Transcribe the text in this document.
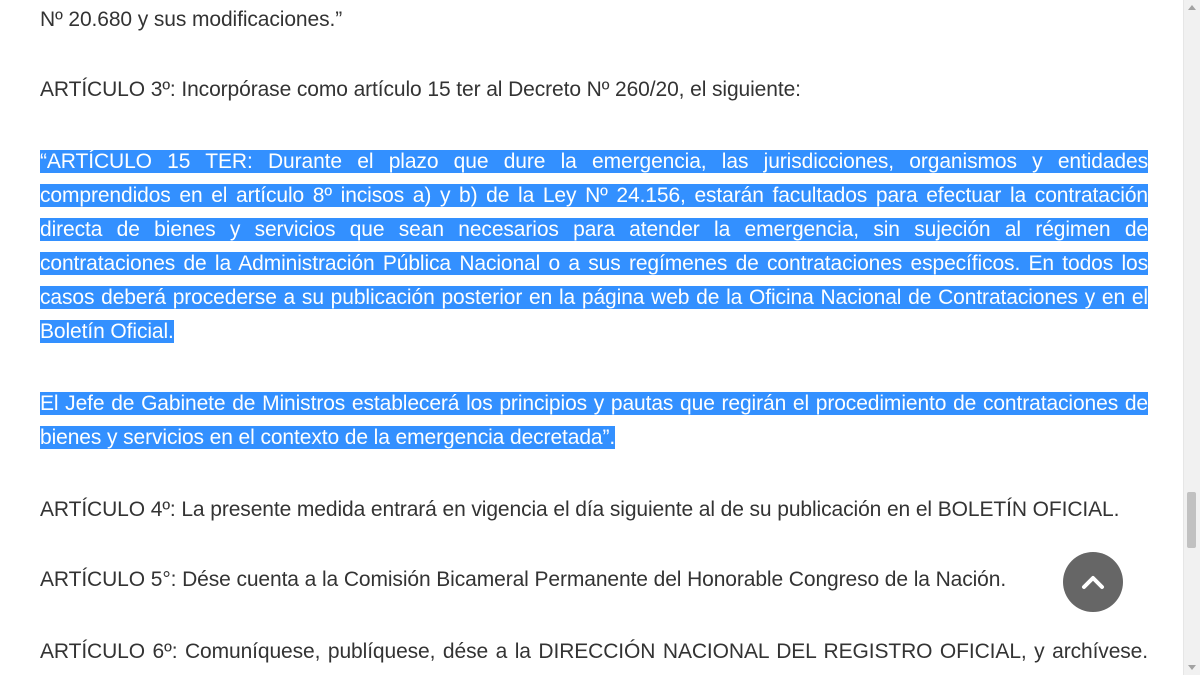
Nº 20.680 y sus modificaciones.”

ARTÍCULO 3º: Incorpórase como artículo 15 ter al Decreto Nº 260/20, el siguiente:

“ARTÍCULO 15 TER: Durante el plazo que dure la emergencia, las jurisdicciones, organismos y entidades comprendidos en el artículo 8º incisos a) y b) de la Ley Nº 24.156, estarán facultados para efectuar la contratación directa de bienes y servicios que sean necesarios para atender la emergencia, sin sujeción al régimen de contrataciones de la Administración Pública Nacional o a sus regímenes de contrataciones específicos. En todos los casos deberá procederse a su publicación posterior en la página web de la Oficina Nacional de Contrataciones y en el Boletín Oficial.

El Jefe de Gabinete de Ministros establecerá los principios y pautas que regirán el procedimiento de contrataciones de bienes y servicios en el contexto de la emergencia decretada”.

ARTÍCULO 4º: La presente medida entrará en vigencia el día siguiente al de su publicación en el BOLETÍN OFICIAL.

ARTÍCULO 5°: Dése cuenta a la Comisión Bicameral Permanente del Honorable Congreso de la Nación.

ARTÍCULO 6º: Comuníquese, publíquese, dése a la DIRECCIÓN NACIONAL DEL REGISTRO OFICIAL, y archívese.
